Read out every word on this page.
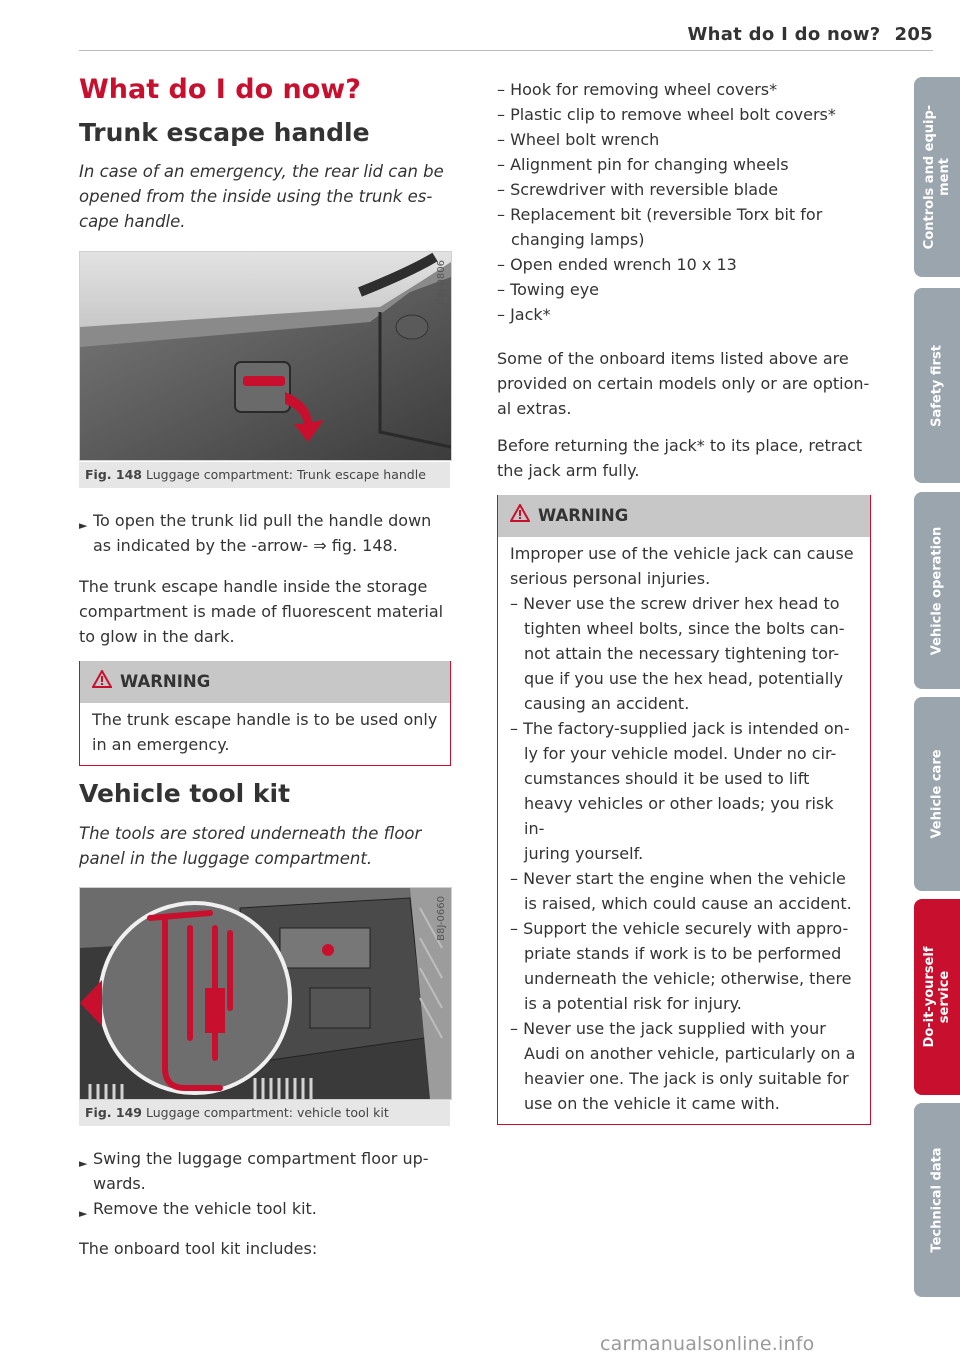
What do I do now? 205
What do I do now?
Trunk escape handle
In case of an emergency, the rear lid can be
opened from the inside using the trunk es-
cape handle.
B8J-0806
Fig. 148 Luggage compartment: Trunk escape handle
► To open the trunk lid pull the handle down
as indicated by the -arrow- ⇒ fig. 148.
The trunk escape handle inside the storage
compartment is made of fluorescent material
to glow in the dark.
WARNING
The trunk escape handle is to be used only
in an emergency.
Vehicle tool kit
The tools are stored underneath the floor
panel in the luggage compartment.
B8J-0660
Fig. 149 Luggage compartment: vehicle tool kit
► Swing the luggage compartment floor up-
wards.
► Remove the vehicle tool kit.
The onboard tool kit includes:
– Hook for removing wheel covers*
– Plastic clip to remove wheel bolt covers*
– Wheel bolt wrench
– Alignment pin for changing wheels
– Screwdriver with reversible blade
– Replacement bit (reversible Torx bit for
changing lamps)
– Open ended wrench 10 x 13
– Towing eye
– Jack*
Some of the onboard items listed above are
provided on certain models only or are option-
al extras.
Before returning the jack* to its place, retract
the jack arm fully.
WARNING
Improper use of the vehicle jack can cause
serious personal injuries.
– Never use the screw driver hex head to
tighten wheel bolts, since the bolts can-
not attain the necessary tightening tor-
que if you use the hex head, potentially
causing an accident.
– The factory-supplied jack is intended on-
ly for your vehicle model. Under no cir-
cumstances should it be used to lift
heavy vehicles or other loads; you risk in-
juring yourself.
– Never start the engine when the vehicle
is raised, which could cause an accident.
– Support the vehicle securely with appro-
priate stands if work is to be performed
underneath the vehicle; otherwise, there
is a potential risk for injury.
– Never use the jack supplied with your
Audi on another vehicle, particularly on a
heavier one. The jack is only suitable for
use on the vehicle it came with.
Controls and equip-
ment
Safety first
Vehicle operation
Vehicle care
Do-it-yourself
service
Technical data
carmanualsonline.info
